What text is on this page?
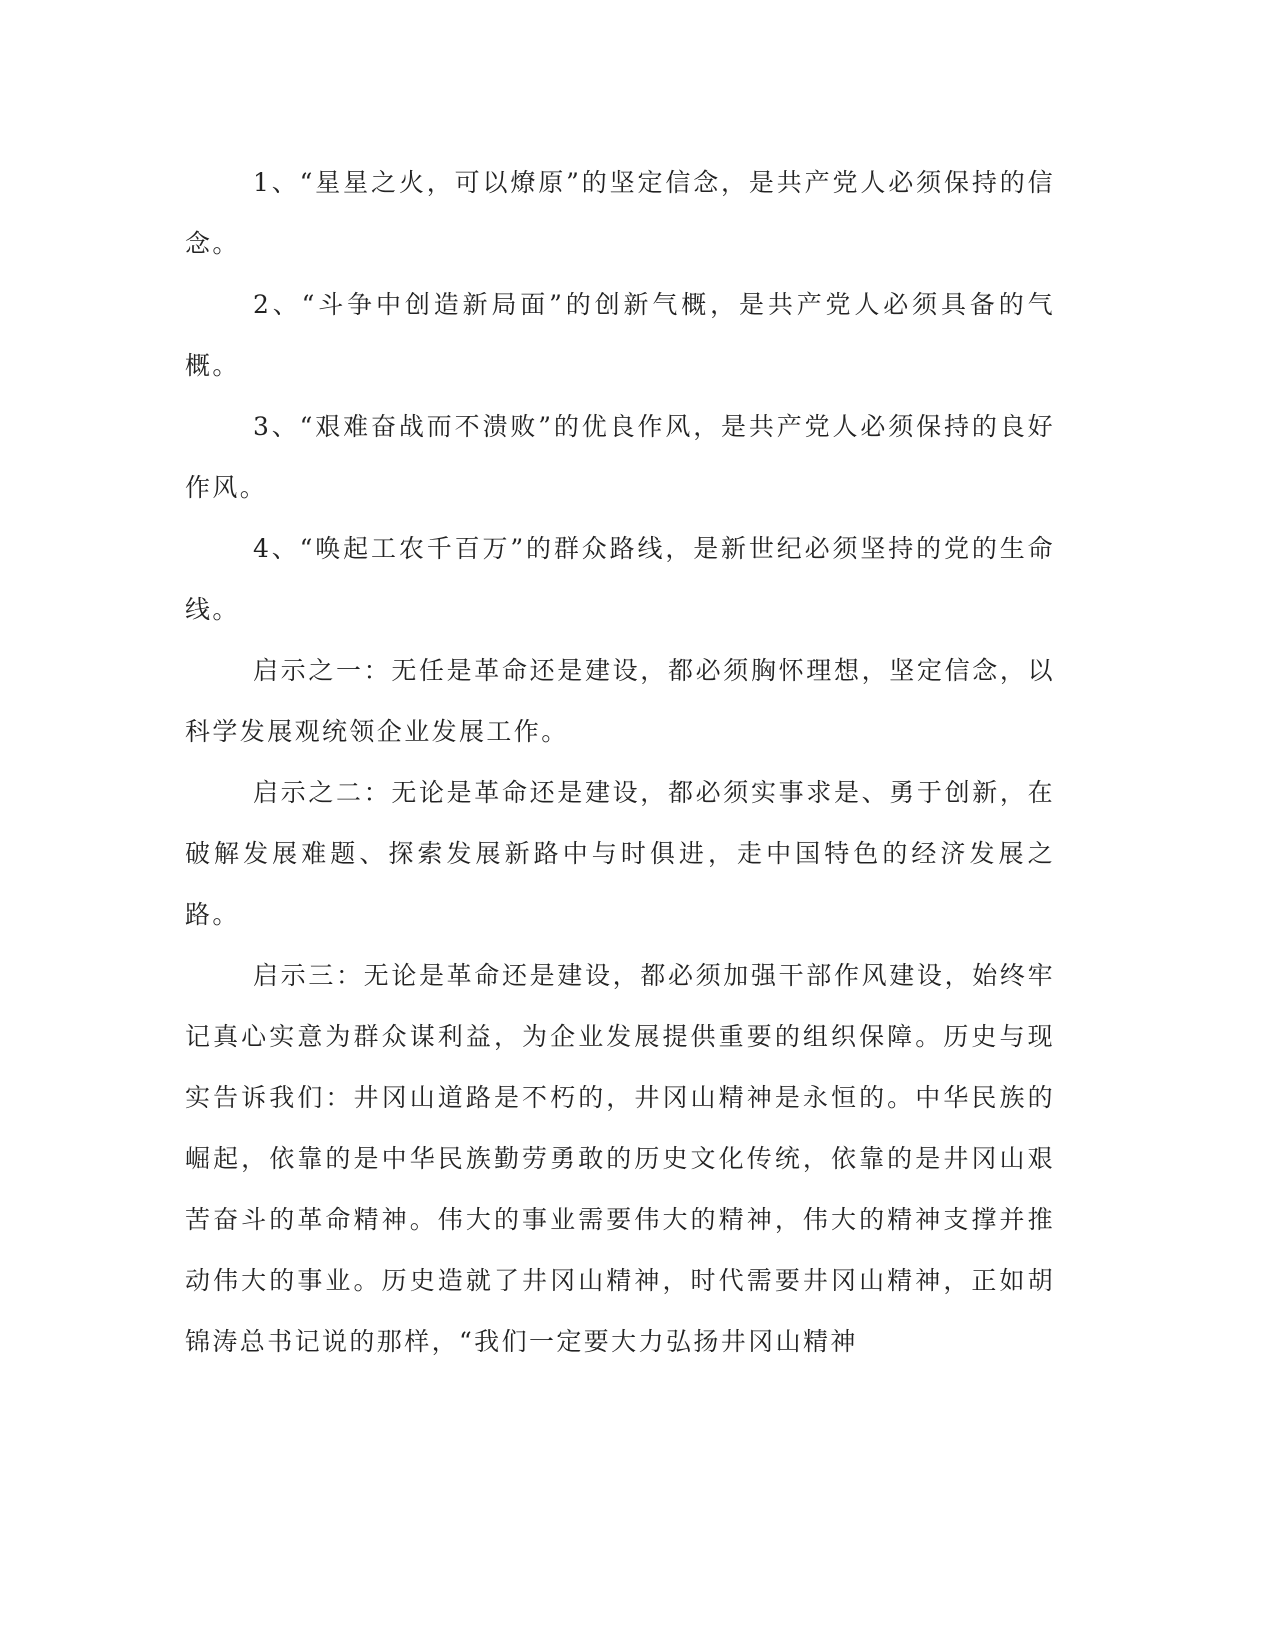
1、“星星之火，可以燎原”的坚定信念，是共产党人必须保持的信念。

2、“斗争中创造新局面”的创新气概，是共产党人必须具备的气概。

3、“艰难奋战而不溃败”的优良作风，是共产党人必须保持的良好作风。

4、“唤起工农千百万”的群众路线，是新世纪必须坚持的党的生命线。

启示之一：无任是革命还是建设，都必须胸怀理想，坚定信念，以科学发展观统领企业发展工作。

启示之二：无论是革命还是建设，都必须实事求是、勇于创新，在破解发展难题、探索发展新路中与时俱进，走中国特色的经济发展之路。

启示三：无论是革命还是建设，都必须加强干部作风建设，始终牢记真心实意为群众谋利益，为企业发展提供重要的组织保障。历史与现实告诉我们：井冈山道路是不朽的，井冈山精神是永恒的。中华民族的崛起，依靠的是中华民族勤劳勇敢的历史文化传统，依靠的是井冈山艰苦奋斗的革命精神。伟大的事业需要伟大的精神，伟大的精神支撑并推动伟大的事业。历史造就了井冈山精神，时代需要井冈山精神，正如胡锦涛总书记说的那样，“我们一定要大力弘扬井冈山精神
